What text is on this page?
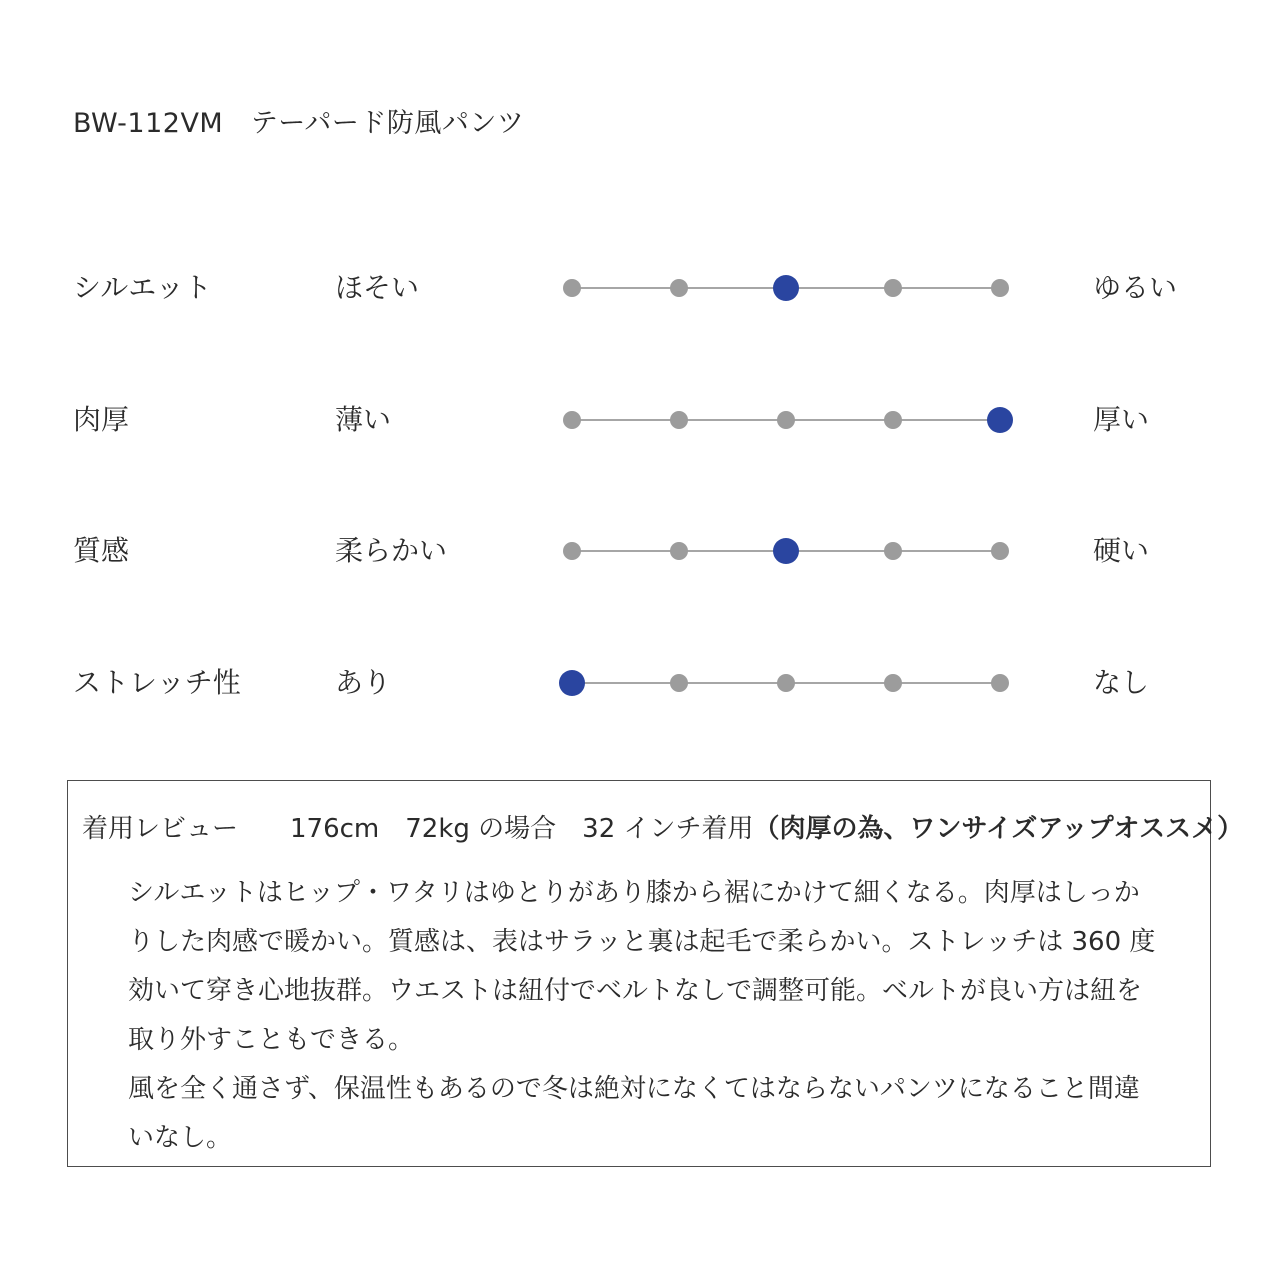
BW-112VM　テーパード防風パンツ
シルエット	ほそい	ゆるい
肉厚	薄い	厚い
質感	柔らかい	硬い
ストレッチ性	あり	なし
着用レビュー　　176cm　72kg の場合　32 インチ着用（肉厚の為、ワンサイズアップオススメ）

シルエットはヒップ・ワタリはゆとりがあり膝から裾にかけて細くなる。肉厚はしっかりした肉感で暖かい。質感は、表はサラッと裏は起毛で柔らかい。ストレッチは 360 度効いて穿き心地抜群。ウエストは紐付でベルトなしで調整可能。ベルトが良い方は紐を取り外すこともできる。

風を全く通さず、保温性もあるので冬は絶対になくてはならないパンツになること間違いなし。
